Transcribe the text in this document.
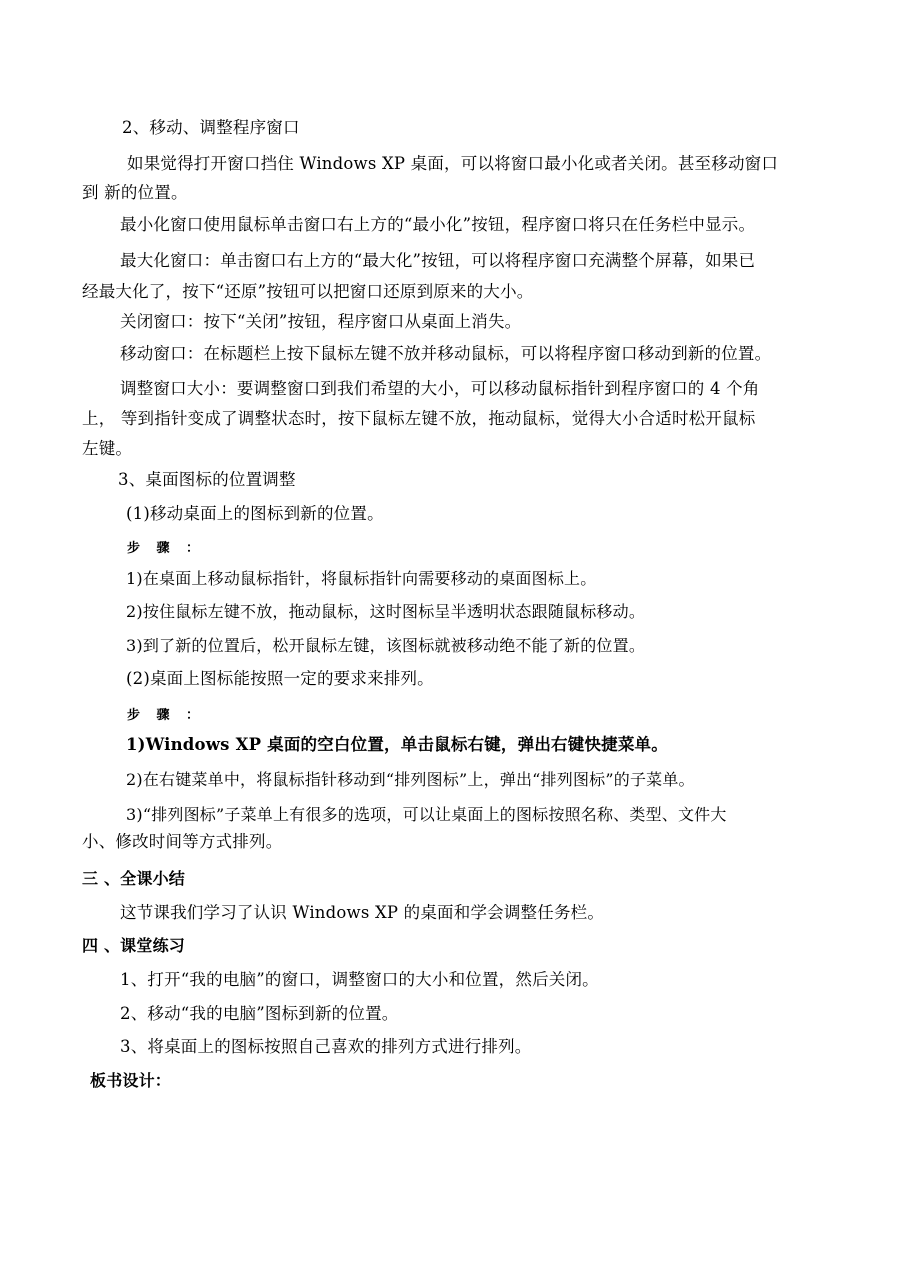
2、移动、调整程序窗口
如果觉得打开窗口挡住 Windows XP 桌面，可以将窗口最小化或者关闭。甚至移动窗口
到 新的位置。
最小化窗口使用鼠标单击窗口右上方的“最小化”按钮，程序窗口将只在任务栏中显示。
最大化窗口：单击窗口右上方的“最大化”按钮，可以将程序窗口充满整个屏幕，如果已
经最大化了，按下“还原”按钮可以把窗口还原到原来的大小。
关闭窗口：按下“关闭”按钮，程序窗口从桌面上消失。
移动窗口：在标题栏上按下鼠标左键不放并移动鼠标，可以将程序窗口移动到新的位置。
调整窗口大小：要调整窗口到我们希望的大小，可以移动鼠标指针到程序窗口的 4 个角
上， 等到指针变成了调整状态时，按下鼠标左键不放，拖动鼠标，觉得大小合适时松开鼠标
左键。
3、桌面图标的位置调整
(1)移动桌面上的图标到新的位置。
步 骤 ：
1)在桌面上移动鼠标指针，将鼠标指针向需要移动的桌面图标上。
2)按住鼠标左键不放，拖动鼠标，这时图标呈半透明状态跟随鼠标移动。
3)到了新的位置后，松开鼠标左键，该图标就被移动绝不能了新的位置。
(2)桌面上图标能按照一定的要求来排列。
步 骤 ：
1)Windows XP 桌面的空白位置，单击鼠标右键，弹出右键快捷菜单。
2)在右键菜单中，将鼠标指针移动到“排列图标”上，弹出“排列图标”的子菜单。
3)“排列图标”子菜单上有很多的选项，可以让桌面上的图标按照名称、类型、文件大
小、修改时间等方式排列。
三 、全课小结
这节课我们学习了认识 Windows XP 的桌面和学会调整任务栏。
四 、课堂练习
1、打开“我的电脑”的窗口，调整窗口的大小和位置，然后关闭。
2、移动“我的电脑”图标到新的位置。
3、将桌面上的图标按照自己喜欢的排列方式进行排列。
板书设计：
